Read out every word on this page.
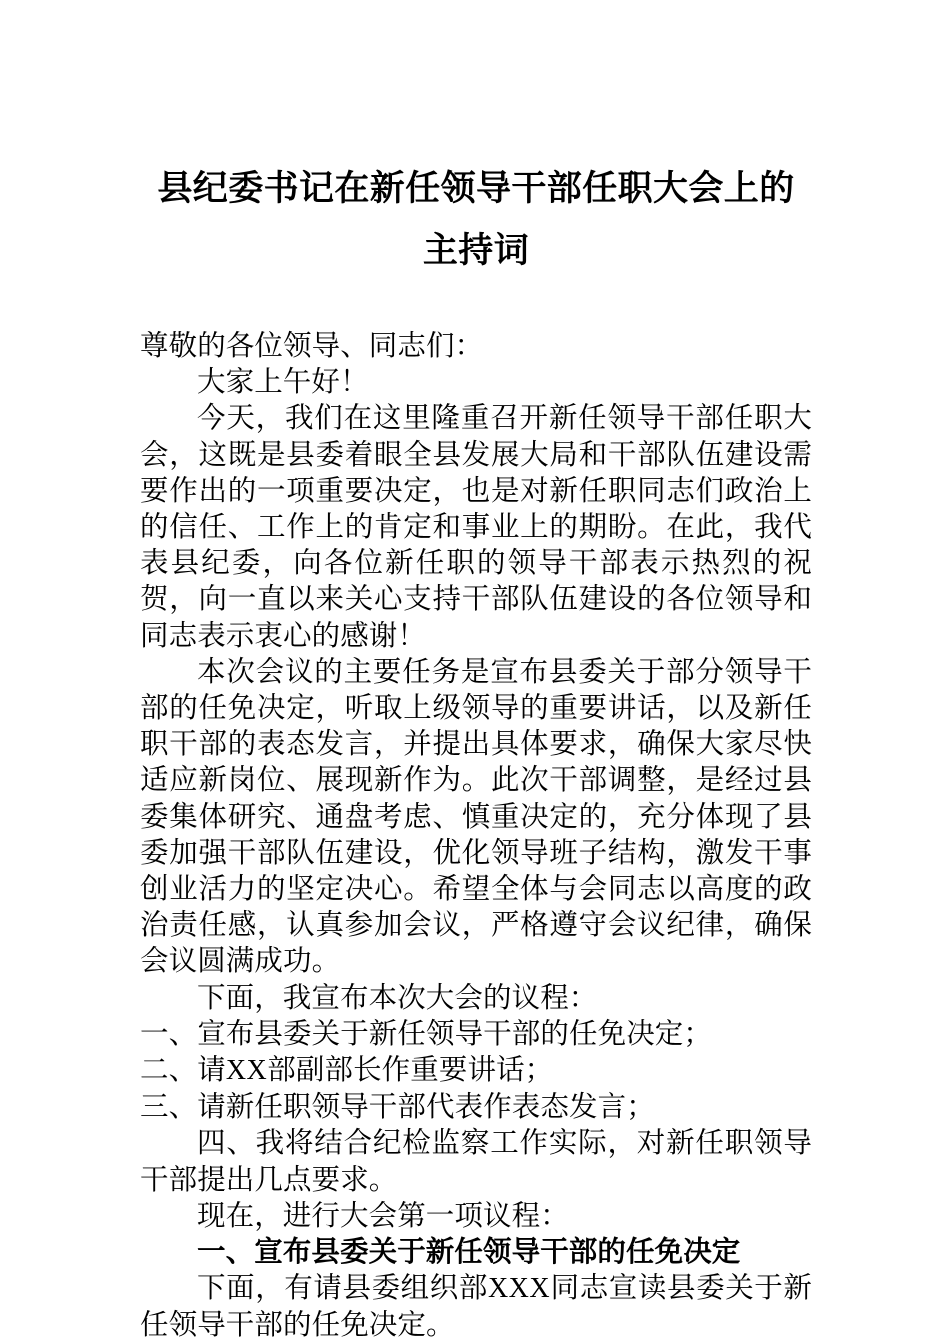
县纪委书记在新任领导干部任职大会上的
主持词

尊敬的各位领导、同志们：

大家上午好！

今天，我们在这里隆重召开新任领导干部任职大会，这既是县委着眼全县发展大局和干部队伍建设需要作出的一项重要决定，也是对新任职同志们政治上的信任、工作上的肯定和事业上的期盼。在此，我代表县纪委，向各位新任职的领导干部表示热烈的祝贺，向一直以来关心支持干部队伍建设的各位领导和同志表示衷心的感谢！

本次会议的主要任务是宣布县委关于部分领导干部的任免决定，听取上级领导的重要讲话，以及新任职干部的表态发言，并提出具体要求，确保大家尽快适应新岗位、展现新作为。此次干部调整，是经过县委集体研究、通盘考虑、慎重决定的，充分体现了县委加强干部队伍建设，优化领导班子结构，激发干事创业活力的坚定决心。希望全体与会同志以高度的政治责任感，认真参加会议，严格遵守会议纪律，确保会议圆满成功。

下面，我宣布本次大会的议程：

一、宣布县委关于新任领导干部的任免决定；

二、请XX部副部长作重要讲话；

三、请新任职领导干部代表作表态发言；

四、我将结合纪检监察工作实际，对新任职领导干部提出几点要求。

现在，进行大会第一项议程：

一、宣布县委关于新任领导干部的任免决定

下面，有请县委组织部XXX同志宣读县委关于新任领导干部的任免决定。
